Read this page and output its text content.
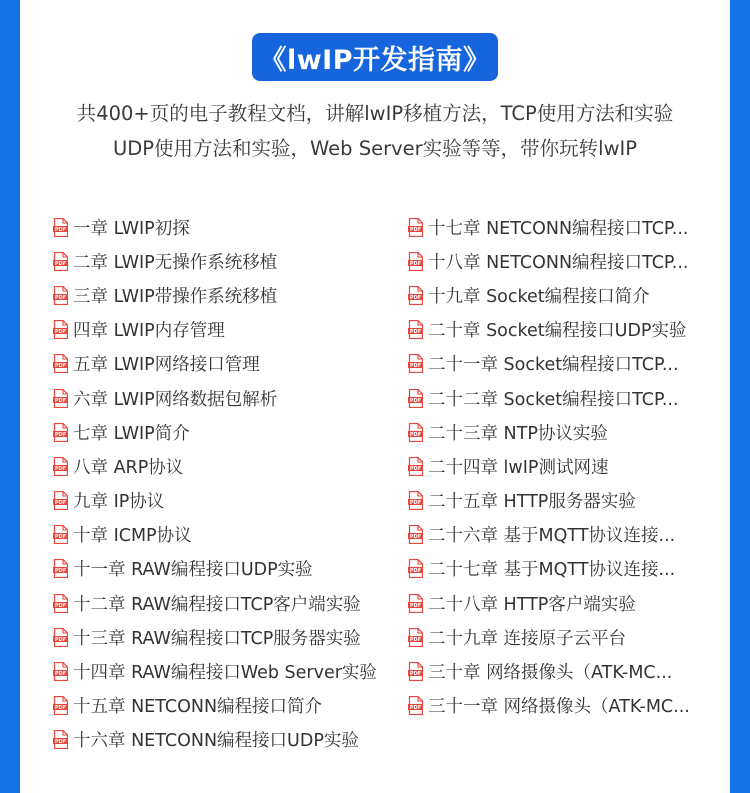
《lwIP开发指南》
共400+页的电子教程文档，讲解lwIP移植方法，TCP使用方法和实验
UDP使用方法和实验，Web Server实验等等，带你玩转lwIP
PDF 一章 LWIP初探
PDF 二章 LWIP无操作系统移植
PDF 三章 LWIP带操作系统移植
PDF 四章 LWIP内存管理
PDF 五章 LWIP网络接口管理
PDF 六章 LWIP网络数据包解析
PDF 七章 LWIP简介
PDF 八章 ARP协议
PDF 九章 IP协议
PDF 十章 ICMP协议
PDF 十一章 RAW编程接口UDP实验
PDF 十二章 RAW编程接口TCP客户端实验
PDF 十三章 RAW编程接口TCP服务器实验
PDF 十四章 RAW编程接口Web Server实验
PDF 十五章 NETCONN编程接口简介
PDF 十六章 NETCONN编程接口UDP实验
PDF 十七章 NETCONN编程接口TCP...
PDF 十八章 NETCONN编程接口TCP...
PDF 十九章 Socket编程接口简介
PDF 二十章 Socket编程接口UDP实验
PDF 二十一章 Socket编程接口TCP...
PDF 二十二章 Socket编程接口TCP...
PDF 二十三章 NTP协议实验
PDF 二十四章 lwIP测试网速
PDF 二十五章 HTTP服务器实验
PDF 二十六章 基于MQTT协议连接...
PDF 二十七章 基于MQTT协议连接...
PDF 二十八章 HTTP客户端实验
PDF 二十九章 连接原子云平台
PDF 三十章 网络摄像头（ATK-MC...
PDF 三十一章 网络摄像头（ATK-MC...
